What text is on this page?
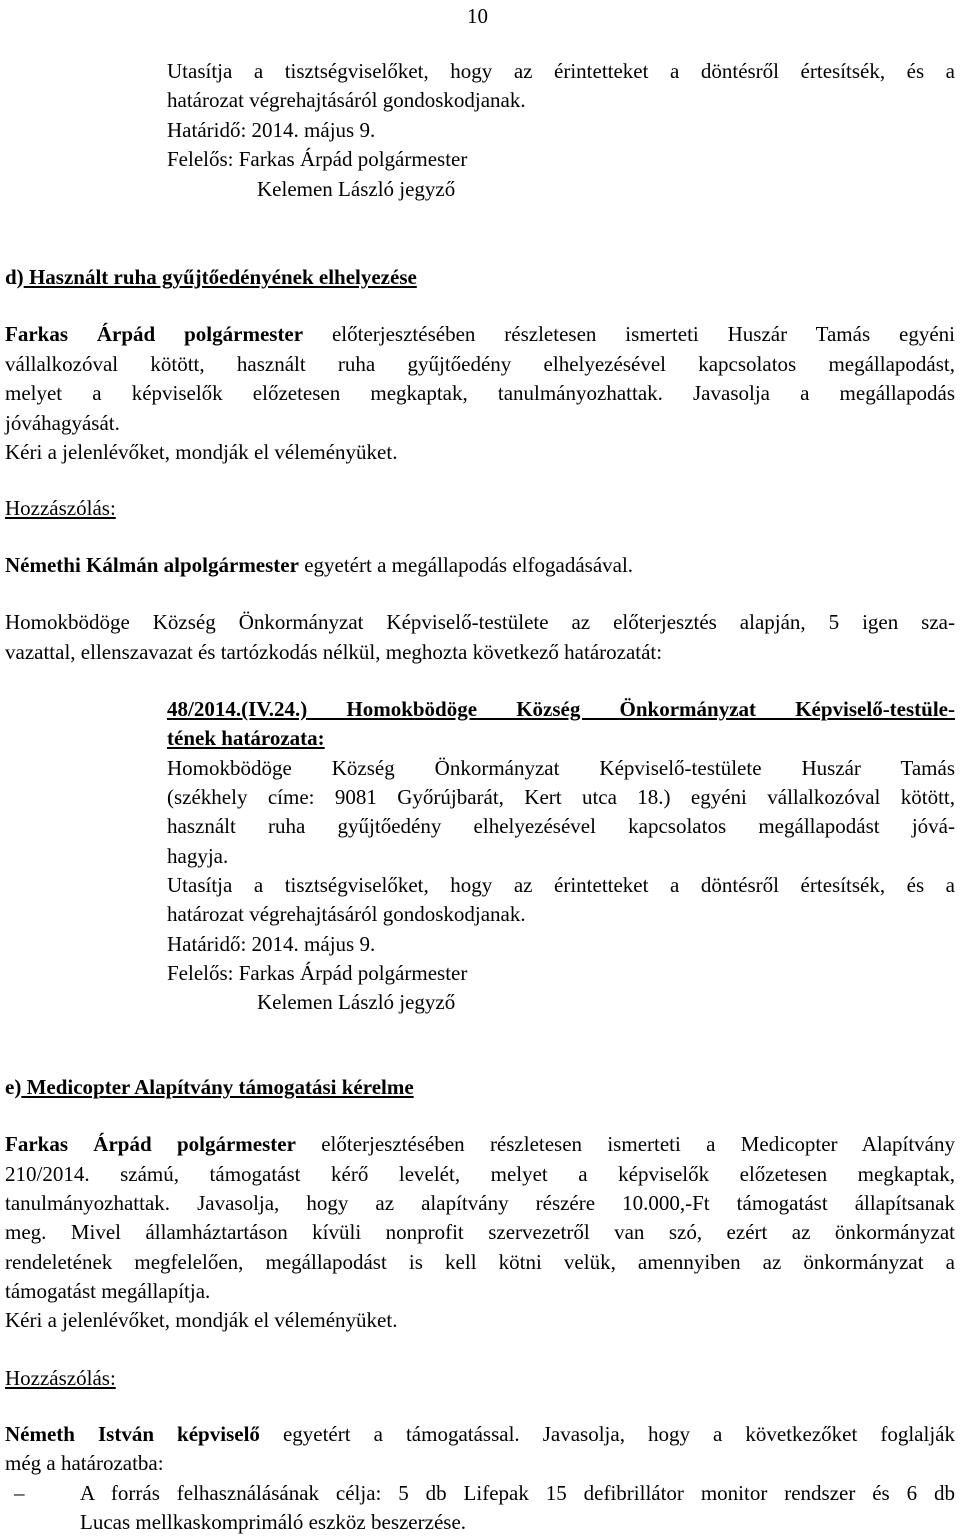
10
Utasítja a tisztségviselőket, hogy az érintetteket a döntésről értesítsék, és a
határozat végrehajtásáról gondoskodjanak.
Határidő: 2014. május 9.
Felelős: Farkas Árpád polgármester
Kelemen László jegyző
d) Használt ruha gyűjtőedényének elhelyezése
Farkas Árpád polgármester előterjesztésében részletesen ismerteti Huszár Tamás egyéni
vállalkozóval kötött, használt ruha gyűjtőedény elhelyezésével kapcsolatos megállapodást,
melyet a képviselők előzetesen megkaptak, tanulmányozhattak. Javasolja a megállapodás
jóváhagyását.
Kéri a jelenlévőket, mondják el véleményüket.
Hozzászólás:
Némethi Kálmán alpolgármester egyetért a megállapodás elfogadásával.
Homokbödöge Község Önkormányzat Képviselő-testülete az előterjesztés alapján, 5 igen sza-
vazattal, ellenszavazat és tartózkodás nélkül, meghozta következő határozatát:
48/2014.(IV.24.) Homokbödöge Község Önkormányzat Képviselő-testüle-
tének határozata:
Homokbödöge Község Önkormányzat Képviselő-testülete Huszár Tamás
(székhely címe: 9081 Győrújbarát, Kert utca 18.) egyéni vállalkozóval kötött,
használt ruha gyűjtőedény elhelyezésével kapcsolatos megállapodást jóvá-
hagyja.
Utasítja a tisztségviselőket, hogy az érintetteket a döntésről értesítsék, és a
határozat végrehajtásáról gondoskodjanak.
Határidő: 2014. május 9.
Felelős: Farkas Árpád polgármester
Kelemen László jegyző
e) Medicopter Alapítvány támogatási kérelme
Farkas Árpád polgármester előterjesztésében részletesen ismerteti a Medicopter Alapítvány
210/2014. számú, támogatást kérő levelét, melyet a képviselők előzetesen megkaptak,
tanulmányozhattak. Javasolja, hogy az alapítvány részére 10.000,-Ft támogatást állapítsanak
meg. Mivel államháztartáson kívüli nonprofit szervezetről van szó, ezért az önkormányzat
rendeletének megfelelően, megállapodást is kell kötni velük, amennyiben az önkormányzat a
támogatást megállapítja.
Kéri a jelenlévőket, mondják el véleményüket.
Hozzászólás:
Németh István képviselő egyetért a támogatással. Javasolja, hogy a következőket foglalják
még a határozatba:
–	A forrás felhasználásának célja: 5 db Lifepak 15 defibrillátor monitor rendszer és 6 db
Lucas mellkaskomprimáló eszköz beszerzése.
